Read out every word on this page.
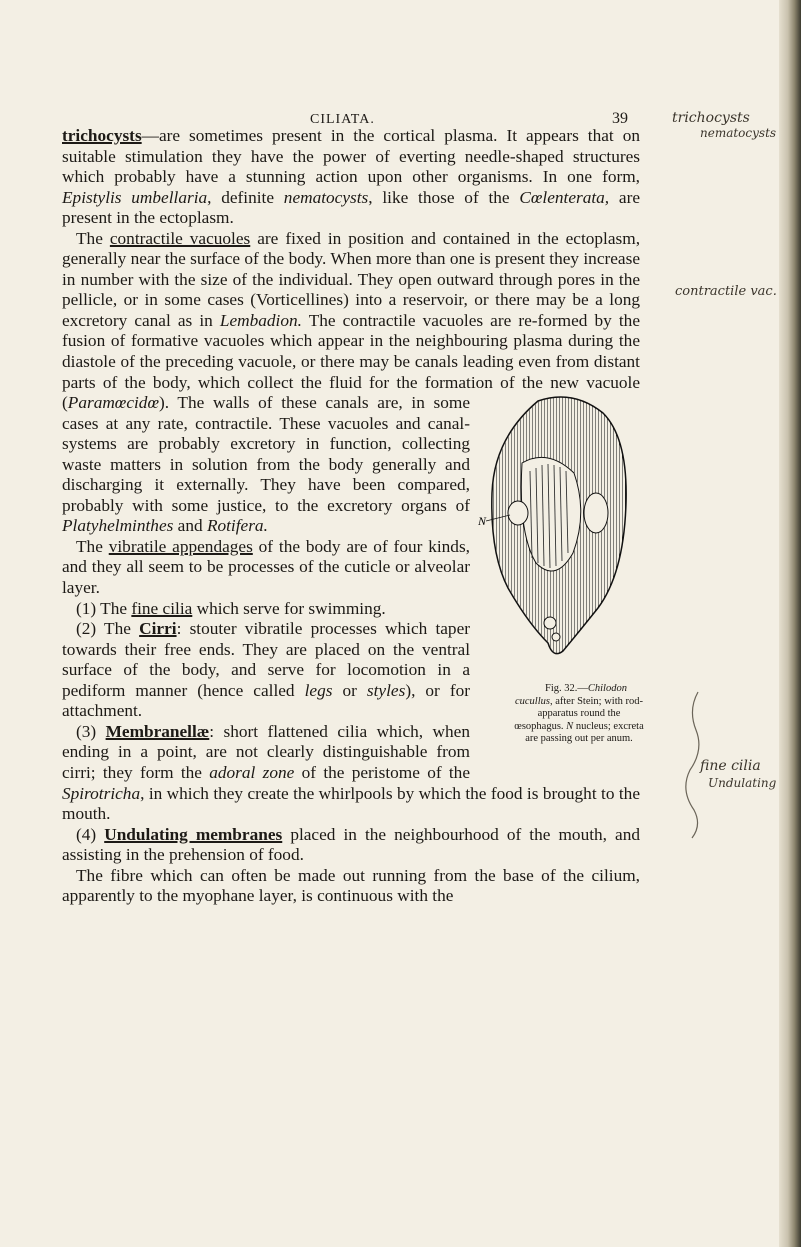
CILIATA.	39	trichocysts
nematocysts
contractile vac.
fine cilia
Undulating

trichocysts—are sometimes present in the cortical plasma. It appears that on suitable stimulation they have the power of everting needle-shaped structures which probably have a stunning action upon other organisms. In one form, Epistylis umbellaria, definite nematocysts, like those of the Cœlenterata, are present in the ectoplasm.

The contractile vacuoles are fixed in position and contained in the ectoplasm, generally near the surface of the body. When more than one is present they increase in number with the size of the individual. They open outward through pores in the pellicle, or in some cases (Vorticellines) into a reservoir, or there may be a long excretory canal as in Lembadion. The contractile vacuoles are re-formed by the fusion of formative vacuoles which appear in the neighbouring plasma during the diastole of the preceding vacuole, or there may be canals leading even from distant parts of the body, which collect the fluid for the formation of the new vacuole (
N
Fig. 32.—Chilodon cucullus, after Stein; with rod-apparatus round the œsophagus. N nucleus; excreta are passing out per anum.
Paramœcidœ). The walls of these canals are, in some cases at any rate, contractile. These vacuoles and canal-systems are probably excretory in function, collecting waste matters in solution from the body generally and discharging it externally. They have been compared, probably with some justice, to the excretory organs of Platyhelminthes and Rotifera.

The vibratile appendages of the body are of four kinds, and they all seem to be processes of the cuticle or alveolar layer.

(1) The fine cilia which serve for swimming.

(2) The Cirri: stouter vibratile processes which taper towards their free ends. They are placed on the ventral surface of the body, and serve for locomotion in a pediform manner (hence called legs or styles), or for attachment.

(3) Membranellæ: short flattened cilia which, when ending in a point, are not clearly distinguishable from cirri; they form the adoral zone of the peristome of the Spirotricha, in which they create the whirlpools by which the food is brought to the mouth.

(4) Undulating membranes placed in the neighbourhood of the mouth, and assisting in the prehension of food.

The fibre which can often be made out running from the base of the cilium, apparently to the myophane layer, is continuous with the
